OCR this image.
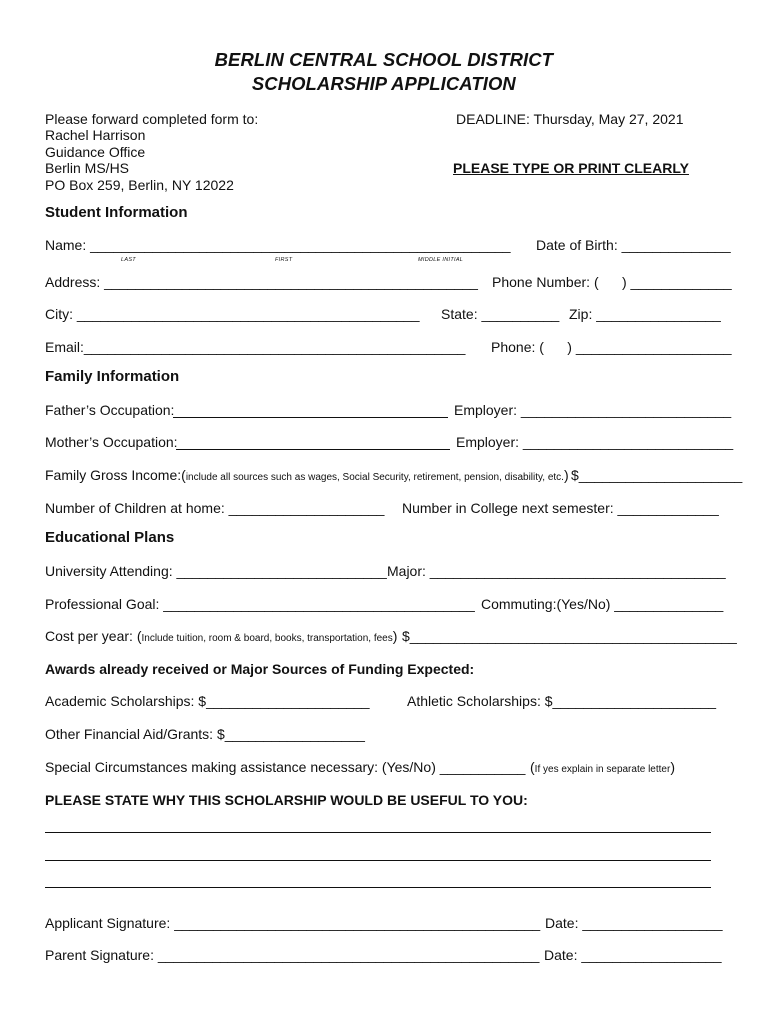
BERLIN CENTRAL SCHOOL DISTRICT
SCHOLARSHIP APPLICATION
Please forward completed form to:
Rachel Harrison
Guidance Office
Berlin MS/HS
PO Box 259, Berlin, NY 12022
DEADLINE: Thursday, May 27, 2021
PLEASE TYPE OR PRINT CLEARLY
Student Information
Name: ______________________________________________________ Date of Birth: ______________
LAST	FIRST	MIDDLE INITIAL
Address: ________________________________________________ Phone Number: (      ) _____________
City: ____________________________________________ State: __________ Zip: ________________
Email:_________________________________________________ Phone: (      ) ____________________
Family Information
Father’s Occupation:	Employer: ___________________________
Mother’s Occupation:	Employer: ___________________________
Family Gross Income:(include all sources such as wages, Social Security, retirement, pension, disability, etc.) $_____________________
Number of Children at home: ____________________ Number in College next semester: _____________
Educational Plans
University Attending: ___________________________ Major: ______________________________________
Professional Goal: ________________________________________ Commuting:(Yes/No) ______________
Cost per year: (Include tuition, room & board, books, transportation, fees) $__________________________________________
Awards already received or Major Sources of Funding Expected:
Academic Scholarships: $_____________________	Athletic Scholarships: $_____________________
Other Financial Aid/Grants: $__________________
Special Circumstances making assistance necessary: (Yes/No) ___________ (If yes explain in separate letter)
PLEASE STATE WHY THIS SCHOLARSHIP WOULD BE USEFUL TO YOU:
Applicant Signature: _______________________________________________ Date: __________________
Parent Signature: _________________________________________________ Date: __________________
